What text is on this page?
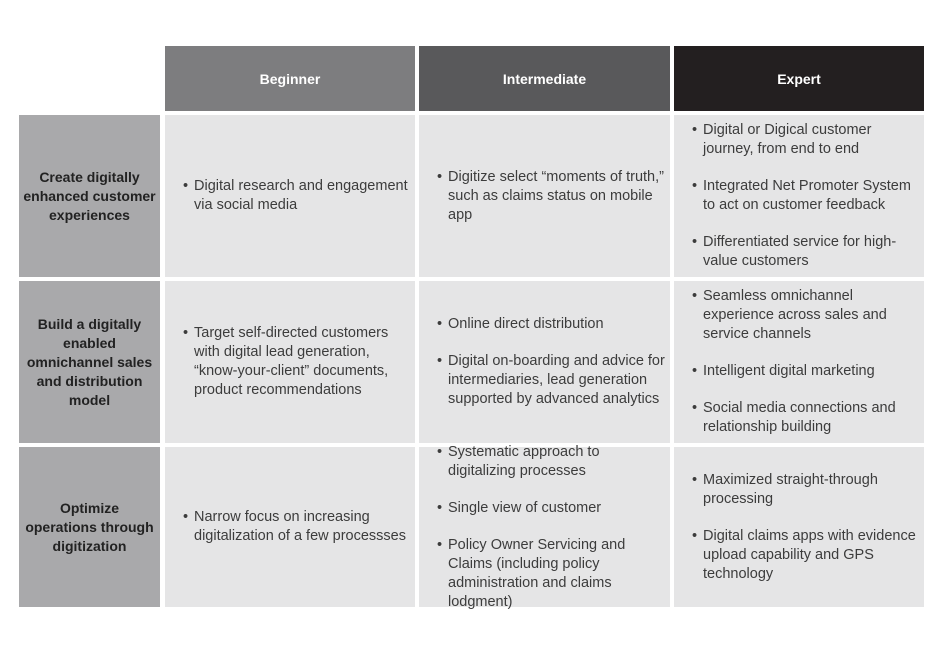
Beginner	Intermediate	Expert
Create digitally enhanced customer experiences
• Digital research and engagement via social media
• Digitize select “moments of truth,” such as claims status on mobile app
• Digital or Digical customer journey, from end to end
• Integrated Net Promoter System to act on customer feedback
• Differentiated service for high-value customers
Build a digitally enabled omnichannel sales and distribution model
• Target self-directed customers with digital lead generation, “know-your-client” documents, product recommendations
• Online direct distribution
• Digital on-boarding and advice for intermediaries, lead generation supported by advanced analytics
• Seamless omnichannel experience across sales and service channels
• Intelligent digital marketing
• Social media connections and relationship building
Optimize operations through digitization
• Narrow focus on increasing digitalization of a few processses
• Systematic approach to digitalizing processes
• Single view of customer
• Policy Owner Servicing and Claims (including policy administration and claims lodgment)
• Maximized straight-through processing
• Digital claims apps with evidence upload capability and GPS technology
